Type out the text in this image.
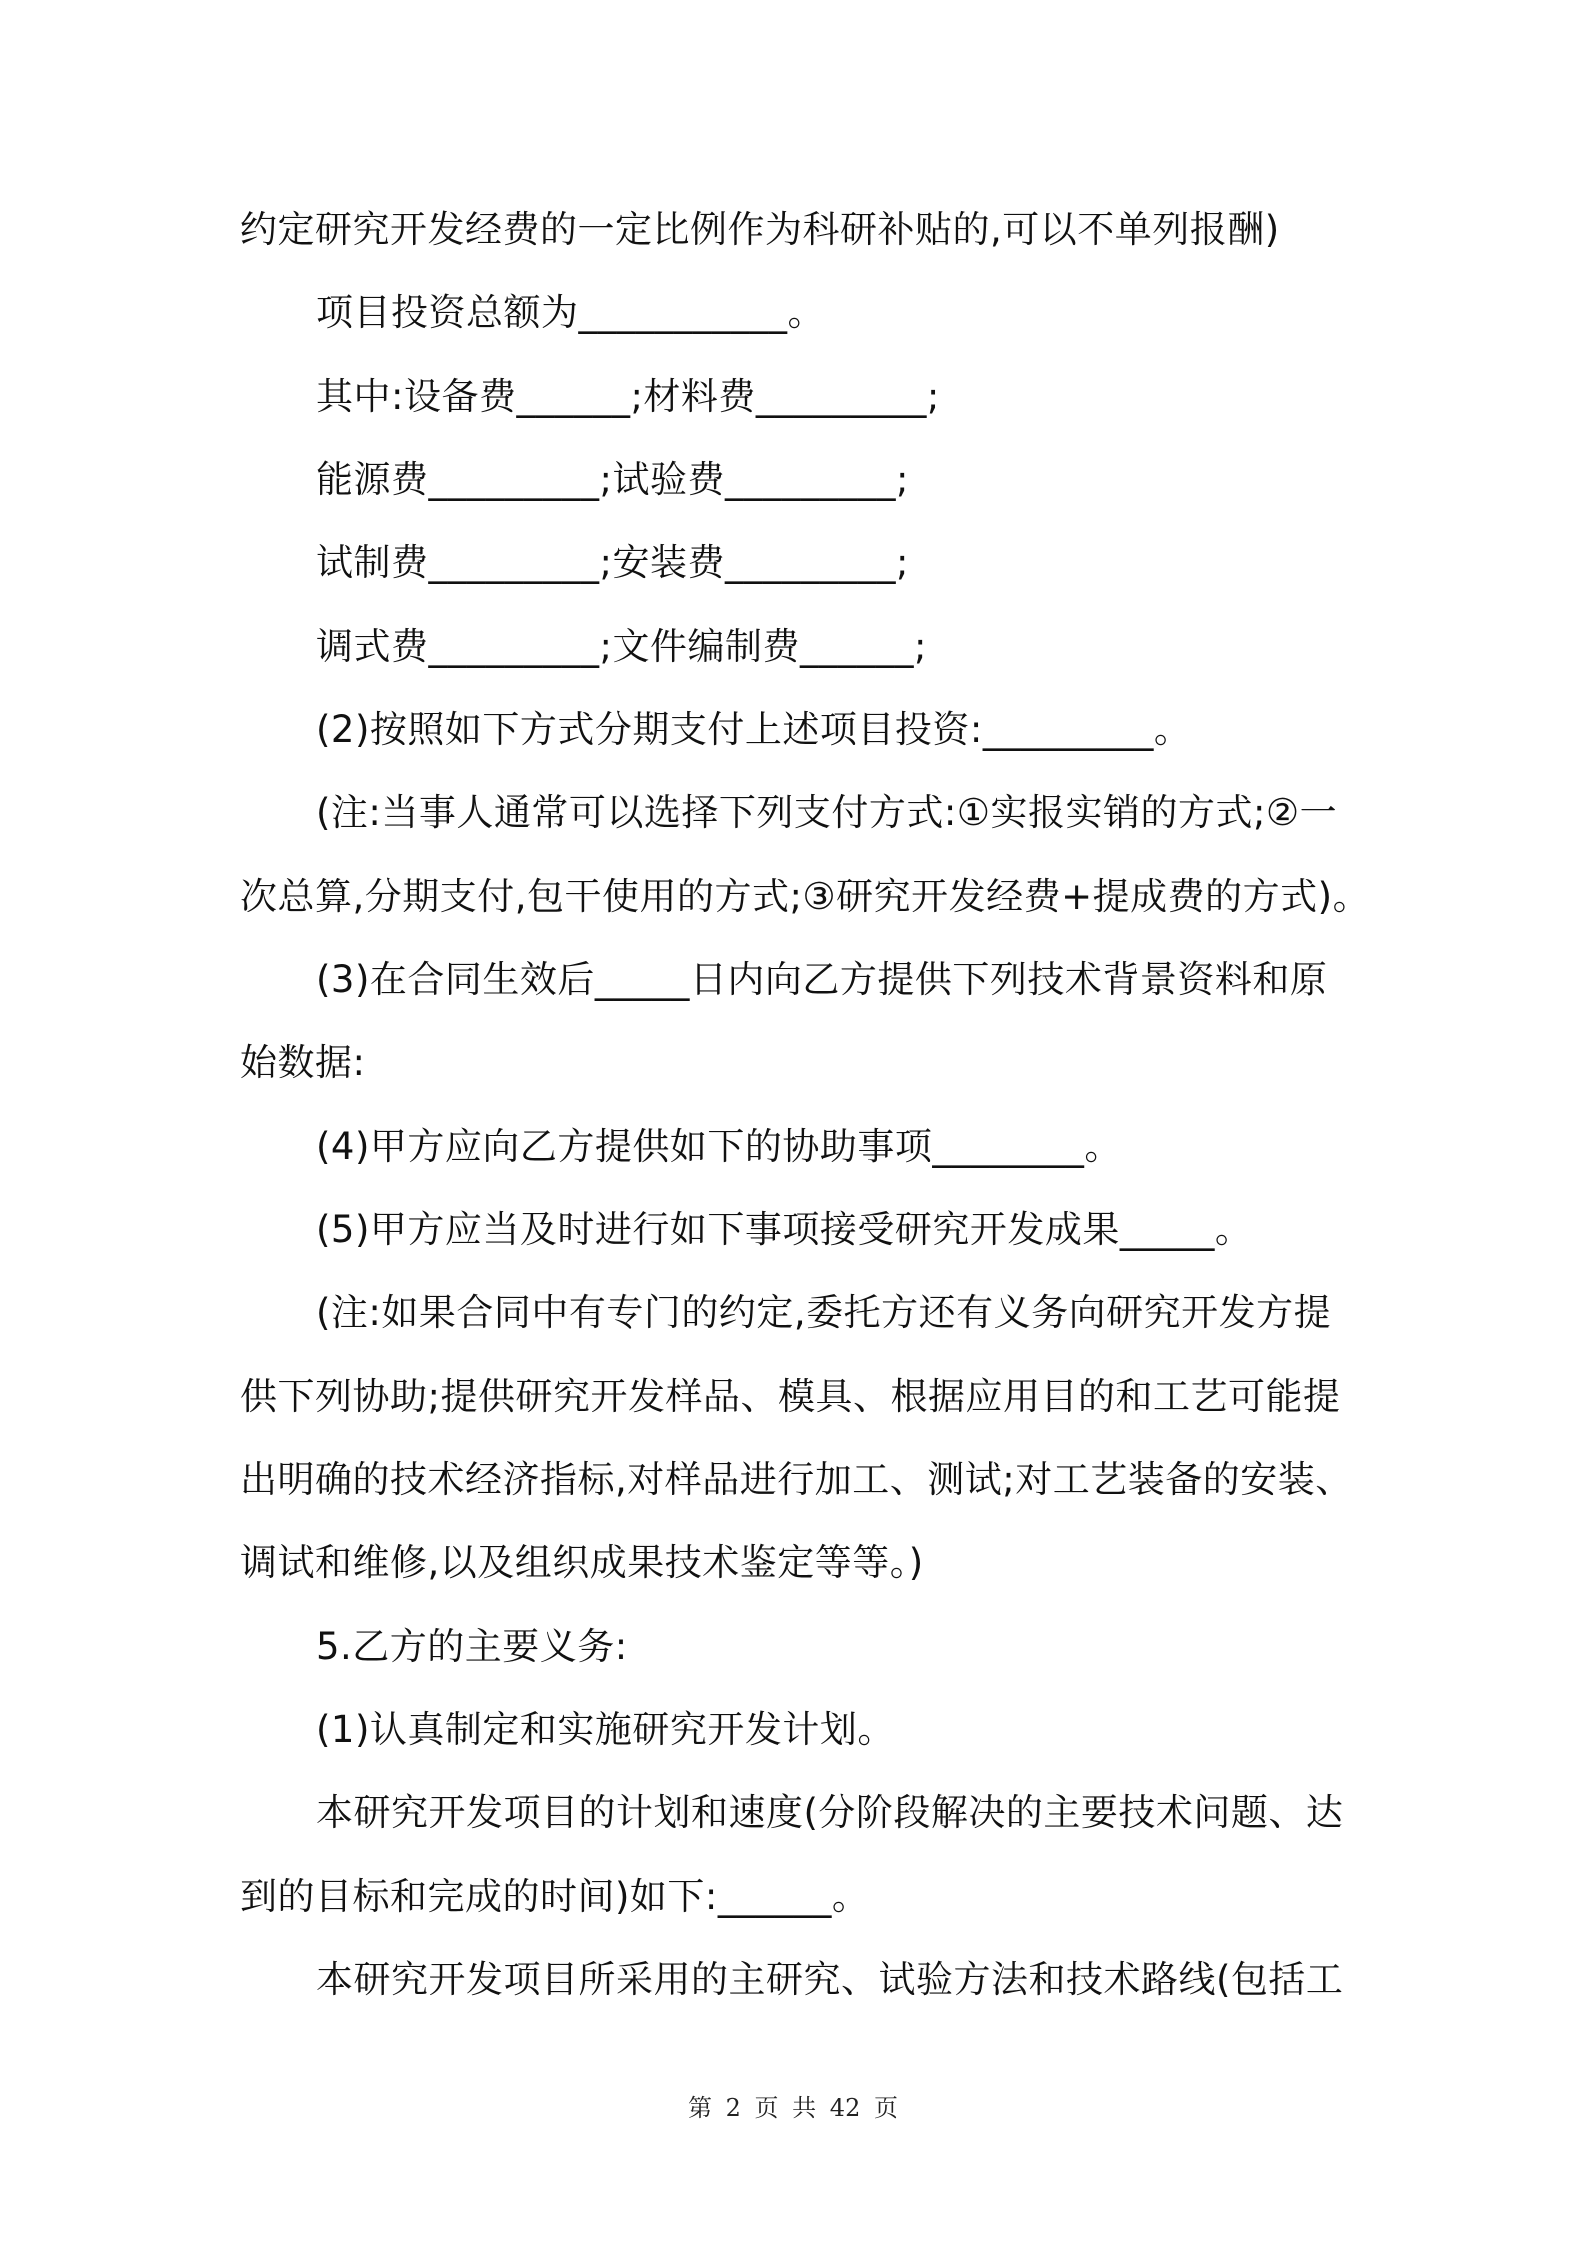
约定研究开发经费的一定比例作为科研补贴的,可以不单列报酬)
项目投资总额为___________。
其中:设备费______;材料费_________;
能源费_________;试验费_________;
试制费_________;安装费_________;
调式费_________;文件编制费______;
(2)按照如下方式分期支付上述项目投资:_________。
(注:当事人通常可以选择下列支付方式:①实报实销的方式;②一
次总算,分期支付,包干使用的方式;③研究开发经费+提成费的方式)。
(3)在合同生效后_____日内向乙方提供下列技术背景资料和原
始数据:
(4)甲方应向乙方提供如下的协助事项________。
(5)甲方应当及时进行如下事项接受研究开发成果_____。
(注:如果合同中有专门的约定,委托方还有义务向研究开发方提
供下列协助;提供研究开发样品、模具、根据应用目的和工艺可能提
出明确的技术经济指标,对样品进行加工、测试;对工艺装备的安装、
调试和维修,以及组织成果技术鉴定等等。)
5.乙方的主要义务:
(1)认真制定和实施研究开发计划。
本研究开发项目的计划和速度(分阶段解决的主要技术问题、达
到的目标和完成的时间)如下:______。
本研究开发项目所采用的主研究、试验方法和技术路线(包括工
第 2 页 共 42 页
